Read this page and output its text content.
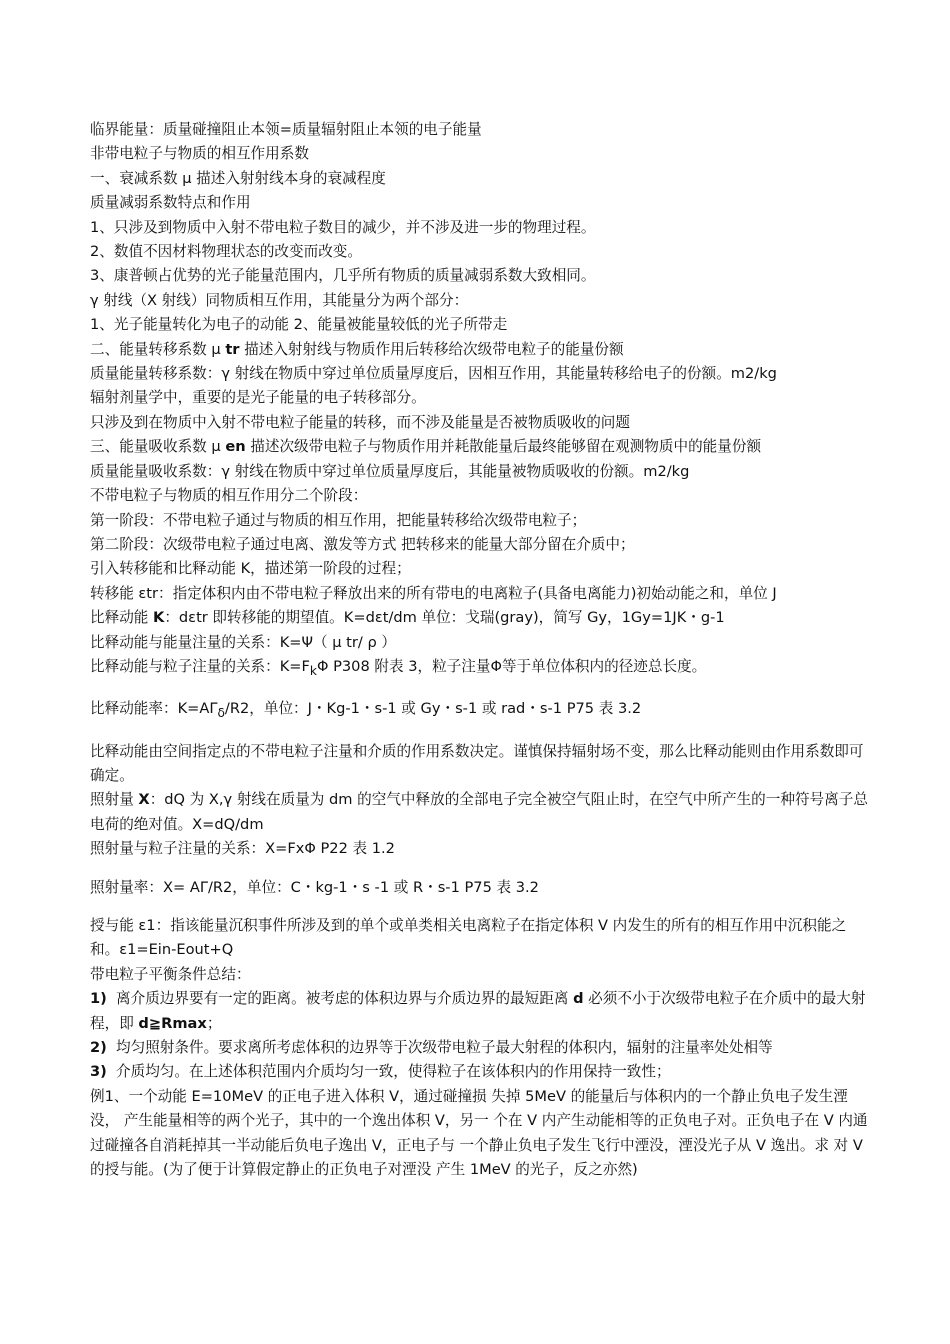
临界能量：质量碰撞阻止本领=质量辐射阻止本领的电子能量
非带电粒子与物质的相互作用系数
一、衰减系数 μ 描述入射射线本身的衰减程度
质量减弱系数特点和作用
1、只涉及到物质中入射不带电粒子数目的减少，并不涉及进一步的物理过程。
2、数值不因材料物理状态的改变而改变。
3、康普顿占优势的光子能量范围内，几乎所有物质的质量减弱系数大致相同。
γ 射线（X 射线）同物质相互作用，其能量分为两个部分：
1、光子能量转化为电子的动能 2、能量被能量较低的光子所带走
二、能量转移系数 μ tr 描述入射射线与物质作用后转移给次级带电粒子的能量份额
质量能量转移系数：γ 射线在物质中穿过单位质量厚度后，因相互作用，其能量转移给电子的份额。m2/kg
辐射剂量学中，重要的是光子能量的电子转移部分。
只涉及到在物质中入射不带电粒子能量的转移，而不涉及能量是否被物质吸收的问题
三、能量吸收系数 μ en 描述次级带电粒子与物质作用并耗散能量后最终能够留在观测物质中的能量份额
质量能量吸收系数：γ 射线在物质中穿过单位质量厚度后，其能量被物质吸收的份额。m2/kg
不带电粒子与物质的相互作用分二个阶段：
第一阶段：不带电粒子通过与物质的相互作用，把能量转移给次级带电粒子；
第二阶段：次级带电粒子通过电离、激发等方式 把转移来的能量大部分留在介质中；
引入转移能和比释动能 K，描述第一阶段的过程；
转移能 εtr：指定体积内由不带电粒子释放出来的所有带电的电离粒子(具备电离能力)初始动能之和，单位 J
比释动能 K：dεtr 即转移能的期望值。K=dεt/dm 单位：戈瑞(gray)，简写 Gy，1Gy=1JK・g-1
比释动能与能量注量的关系：K=Ψ（ μ tr/ ρ ）
比释动能与粒子注量的关系：$K=F_k\Phi$ P308 附表 3，粒子注量Φ等于单位体积内的径迹总长度。
比释动能率：$K=A\Gamma_\delta/R2$，单位：J・Kg-1・s-1 或 Gy・s-1 或 rad・s-1 P75 表 3.2
比释动能由空间指定点的不带电粒子注量和介质的作用系数决定。谨慎保持辐射场不变，那么比释动能则由作用系数即可确定。
照射量 X：dQ 为 X,γ 射线在质量为 dm 的空气中释放的全部电子完全被空气阻止时，在空气中所产生的一种符号离子总电荷的绝对值。X=dQ/dm
照射量与粒子注量的关系：X=FxΦ P22 表 1.2
照射量率：X= AΓ/R2，单位：C・kg-1・s -1 或 R・s-1 P75 表 3.2
授与能 ε1：指该能量沉积事件所涉及到的单个或单类相关电离粒子在指定体积 V 内发生的所有的相互作用中沉积能之和。ε1=Ein-Eout+Q
带电粒子平衡条件总结：
1) 离介质边界要有一定的距离。被考虑的体积边界与介质边界的最短距离 d 必须不小于次级带电粒子在介质中的最大射程，即 d≧Rmax；
2) 均匀照射条件。要求离所考虑体积的边界等于次级带电粒子最大射程的体积内，辐射的注量率处处相等
3) 介质均匀。在上述体积范围内介质均匀一致，使得粒子在该体积内的作用保持一致性；
例1、一个动能 E=10MeV 的正电子进入体积 V，通过碰撞损 失掉 5MeV 的能量后与体积内的一个静止负电子发生湮没， 产生能量相等的两个光子，其中的一个逸出体积 V，另一 个在 V 内产生动能相等的正负电子对。正负电子在 V 内通 过碰撞各自消耗掉其一半动能后负电子逸出 V，正电子与 一个静止负电子发生飞行中湮没，湮没光子从 V 逸出。求 对 V 的授与能。(为了便于计算假定静止的正负电子对湮没 产生 1MeV 的光子，反之亦然)
